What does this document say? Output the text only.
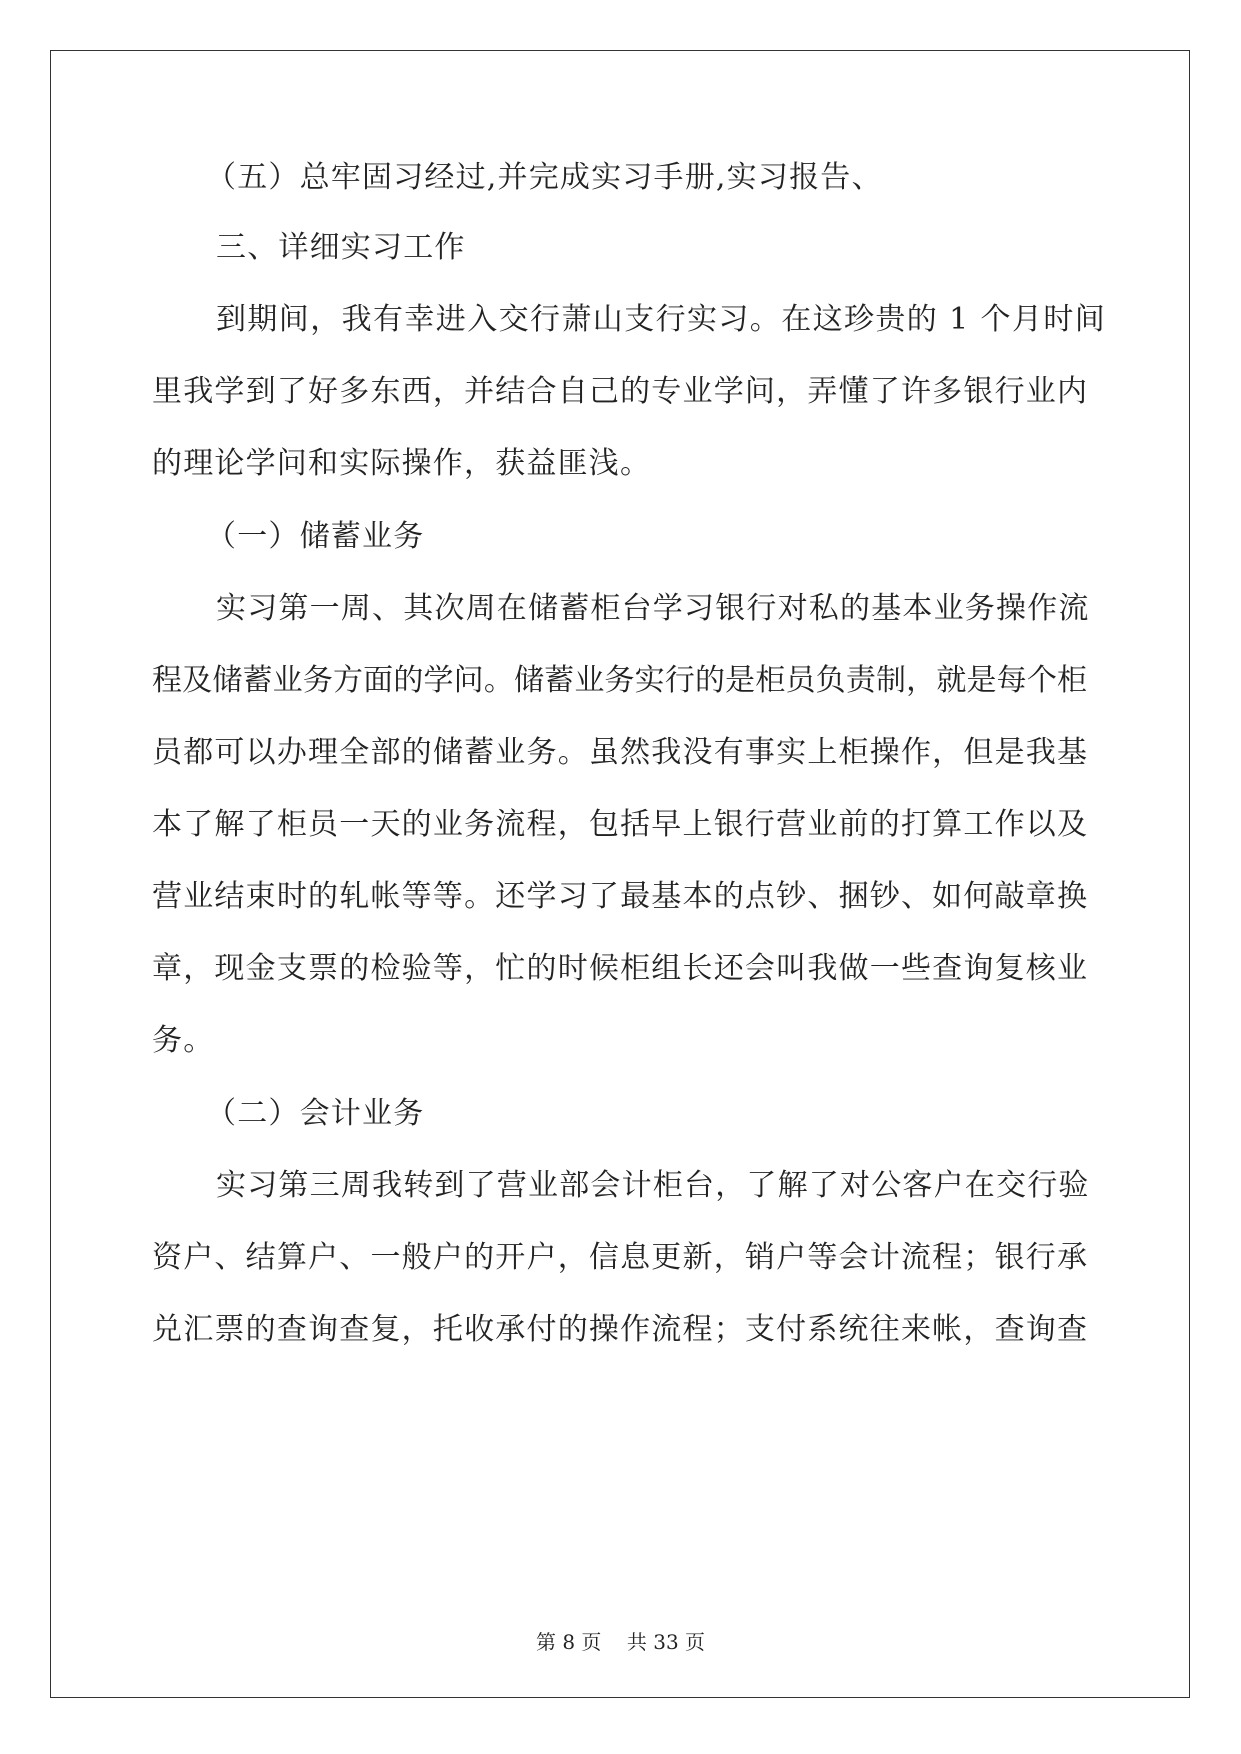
（五）总牢固习经过,并完成实习手册,实习报告、
三、详细实习工作
到期间，我有幸进入交行萧山支行实习。在这珍贵的 1 个月时间
里我学到了好多东西，并结合自己的专业学问，弄懂了许多银行业内
的理论学问和实际操作，获益匪浅。
（一）储蓄业务
实习第一周、其次周在储蓄柜台学习银行对私的基本业务操作流
程及储蓄业务方面的学问。储蓄业务实行的是柜员负责制，就是每个柜
员都可以办理全部的储蓄业务。虽然我没有事实上柜操作，但是我基
本了解了柜员一天的业务流程，包括早上银行营业前的打算工作以及
营业结束时的轧帐等等。还学习了最基本的点钞、捆钞、如何敲章换
章，现金支票的检验等，忙的时候柜组长还会叫我做一些查询复核业
务。
（二）会计业务
实习第三周我转到了营业部会计柜台，了解了对公客户在交行验
资户、结算户、一般户的开户，信息更新，销户等会计流程；银行承
兑汇票的查询查复，托收承付的操作流程；支付系统往来帐，查询查
第 8 页 共 33 页
